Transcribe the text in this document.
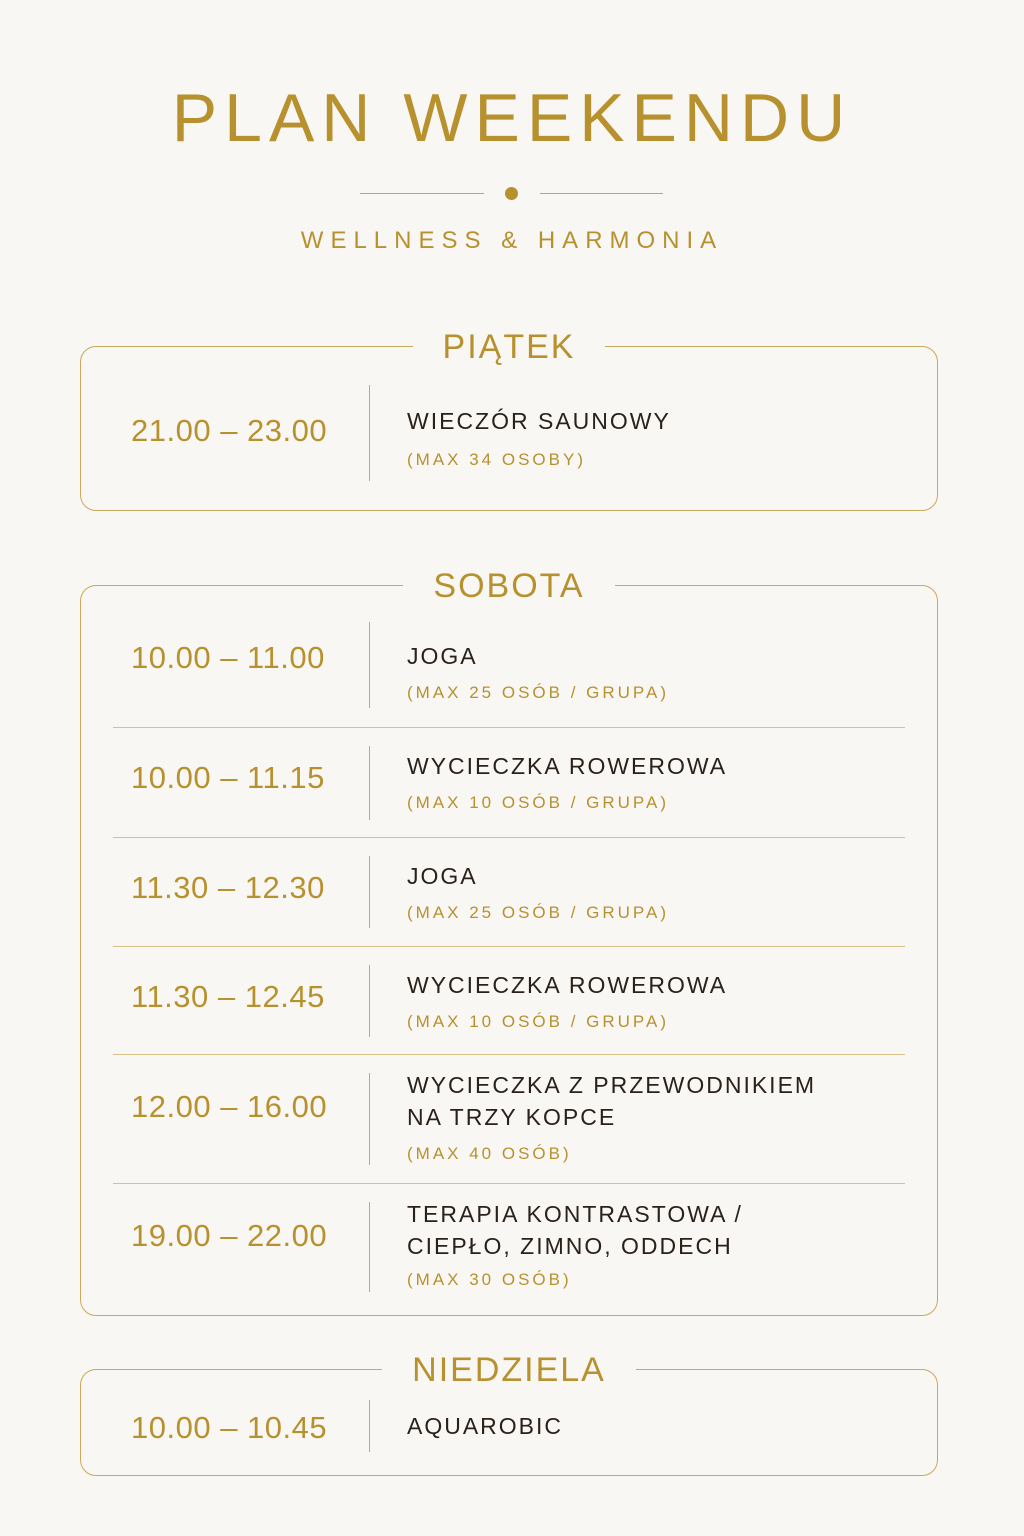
PLAN WEEKENDU
WELLNESS & HARMONIA
PIĄTEK
21.00 – 23.00	WIECZÓR SAUNOWY
(MAX 34 OSOBY)
SOBOTA
10.00 – 11.00	JOGA
(MAX 25 OSÓB / GRUPA)
10.00 – 11.15	WYCIECZKA ROWEROWA
(MAX 10 OSÓB / GRUPA)
11.30 – 12.30	JOGA
(MAX 25 OSÓB / GRUPA)
11.30 – 12.45	WYCIECZKA ROWEROWA
(MAX 10 OSÓB / GRUPA)
12.00 – 16.00
WYCIECZKA Z PRZEWODNIKIEM
NA TRZY KOPCE
(MAX 40 OSÓB)
19.00 – 22.00
TERAPIA KONTRASTOWA /
CIEPŁO, ZIMNO, ODDECH
(MAX 30 OSÓB)
NIEDZIELA
10.00 – 10.45	AQUAROBIC
